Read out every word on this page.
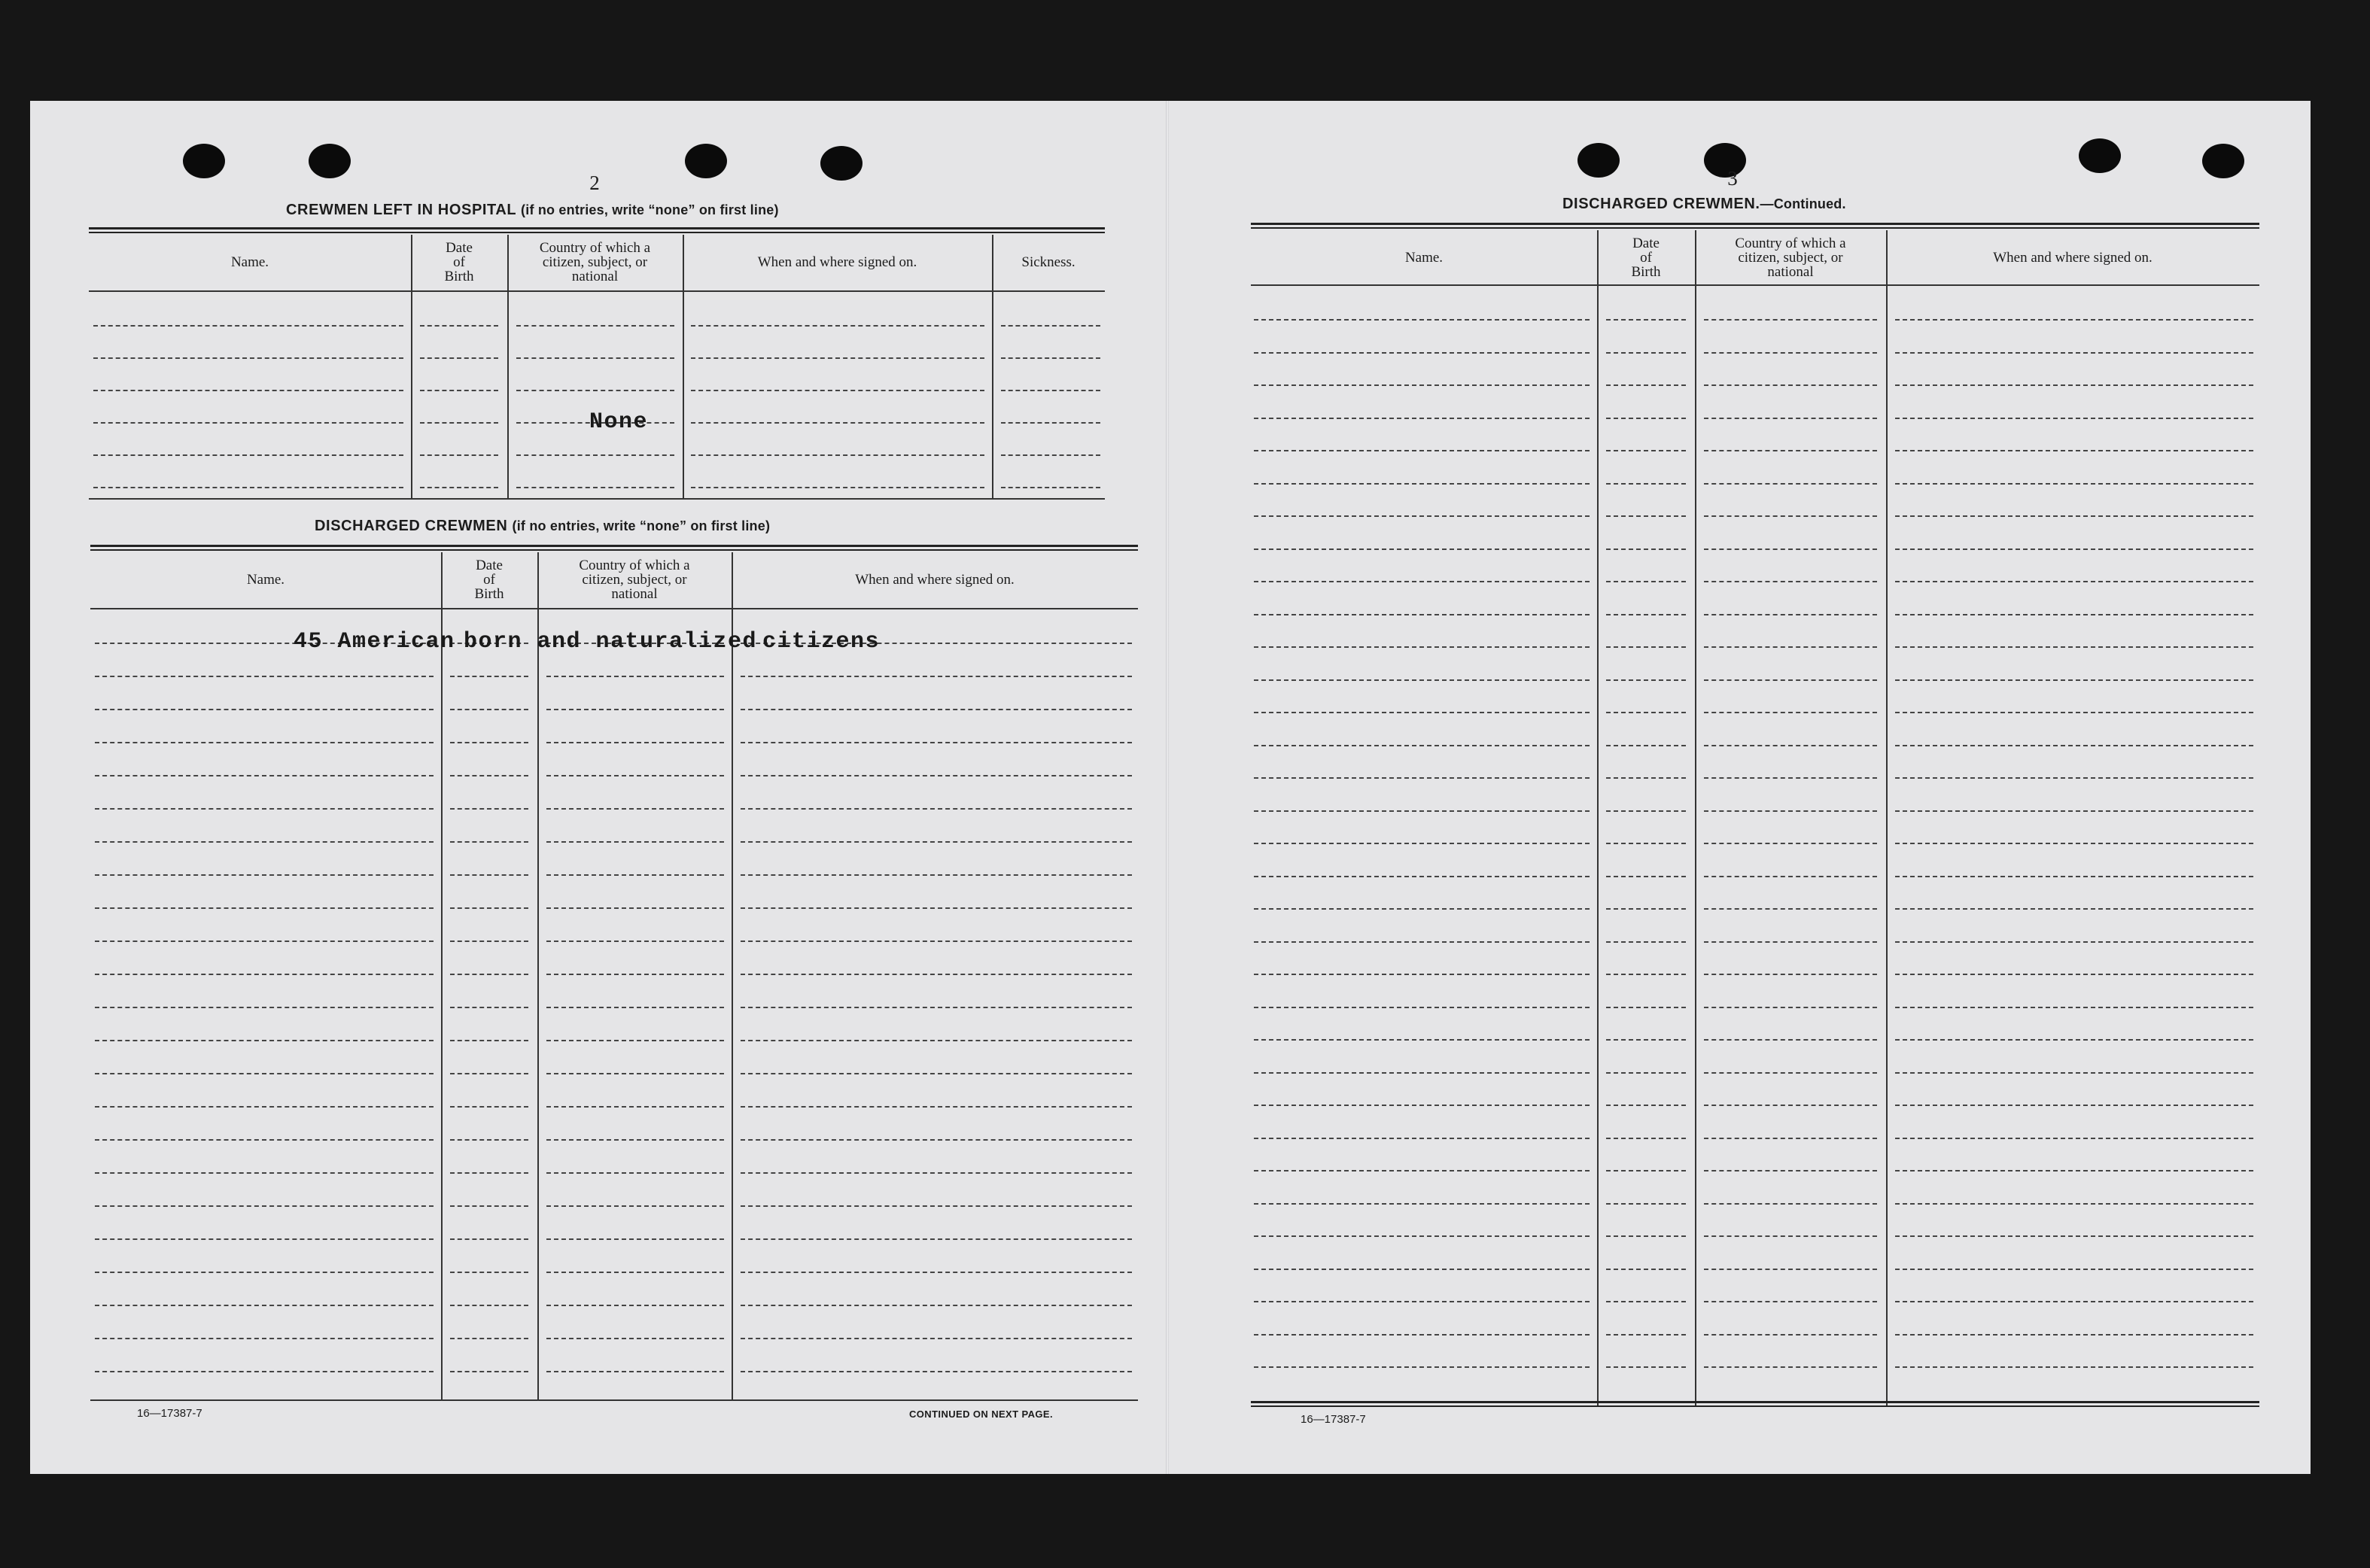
2
CREWMEN LEFT IN HOSPITAL (if no entries, write “none” on first line)
Name.
Date
of
Birth
Country of which a
citizen, subject, or
national
When and where signed on.	Sickness.
None
DISCHARGED CREWMEN (if no entries, write “none” on first line)
Name.
Date
of
Birth
Country of which a
citizen, subject, or
national
When and where signed on.
45 American born and naturalized citizens
16—17387-7	CONTINUED ON NEXT PAGE.
3
DISCHARGED CREWMEN.—Continued.
Name.
Date
of
Birth
Country of which a
citizen, subject, or
national
When and where signed on.
16—17387-7
